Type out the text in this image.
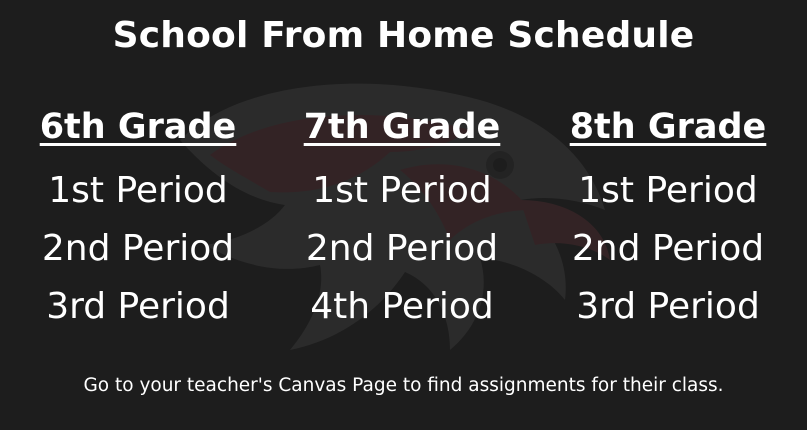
School From Home Schedule
6th Grade
1st Period
2nd Period
3rd Period
7th Grade
1st Period
2nd Period
4th Period
8th Grade
1st Period
2nd Period
3rd Period
Go to your teacher's Canvas Page to find assignments for their class.
